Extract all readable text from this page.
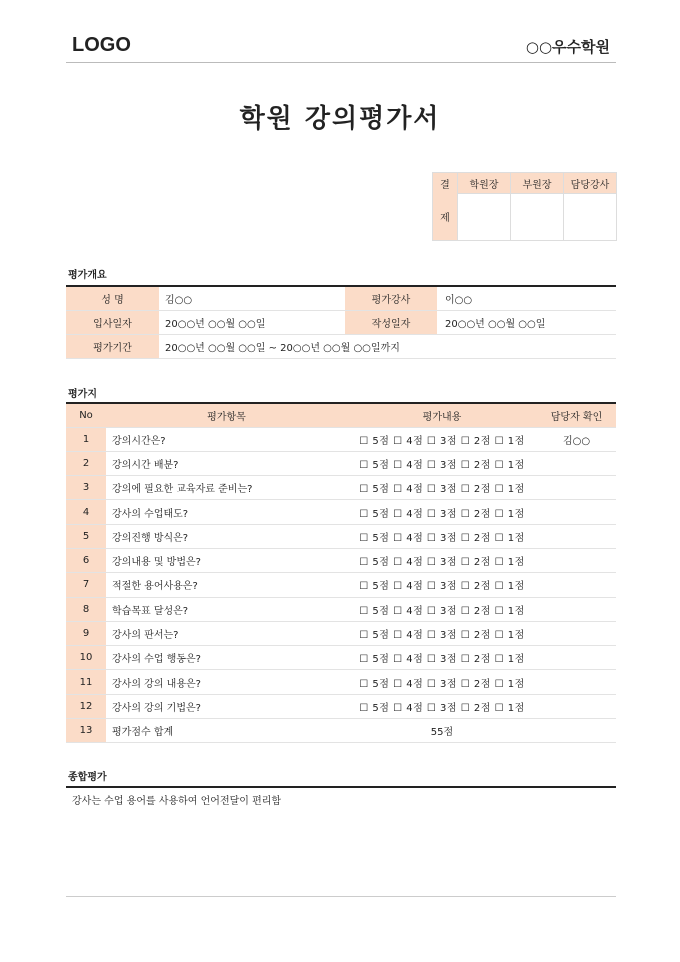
LOGO	○○우수학원
학원 강의평가서
결	학원장	부원장	담당강사
제			
평가개요
성 명	김○○	평가강사	이○○
입사일자	20○○년 ○○월 ○○일	작성일자	20○○년 ○○월 ○○일
평가기간	20○○년 ○○월 ○○일 ~ 20○○년 ○○월 ○○일까지		
평가지
No	평가항목	평가내용	담당자 확인
1	강의시간은?	☐ 5점 ☐ 4점 ☐ 3점 ☐ 2점 ☐ 1점	김○○
2	강의시간 배분?	☐ 5점 ☐ 4점 ☐ 3점 ☐ 2점 ☐ 1점	
3	강의에 필요한 교육자료 준비는?	☐ 5점 ☐ 4점 ☐ 3점 ☐ 2점 ☐ 1점	
4	강사의 수업태도?	☐ 5점 ☐ 4점 ☐ 3점 ☐ 2점 ☐ 1점	
5	강의진행 방식은?	☐ 5점 ☐ 4점 ☐ 3점 ☐ 2점 ☐ 1점	
6	강의내용 및 방법은?	☐ 5점 ☐ 4점 ☐ 3점 ☐ 2점 ☐ 1점	
7	적절한 용어사용은?	☐ 5점 ☐ 4점 ☐ 3점 ☐ 2점 ☐ 1점	
8	학습목표 달성은?	☐ 5점 ☐ 4점 ☐ 3점 ☐ 2점 ☐ 1점	
9	강사의 판서는?	☐ 5점 ☐ 4점 ☐ 3점 ☐ 2점 ☐ 1점	
10	강사의 수업 행동은?	☐ 5점 ☐ 4점 ☐ 3점 ☐ 2점 ☐ 1점	
11	강사의 강의 내용은?	☐ 5점 ☐ 4점 ☐ 3점 ☐ 2점 ☐ 1점	
12	강사의 강의 기법은?	☐ 5점 ☐ 4점 ☐ 3점 ☐ 2점 ☐ 1점	
13	평가점수 합계	55점	
종합평가
강사는 수업 용어를 사용하여 언어전달이 편리함
